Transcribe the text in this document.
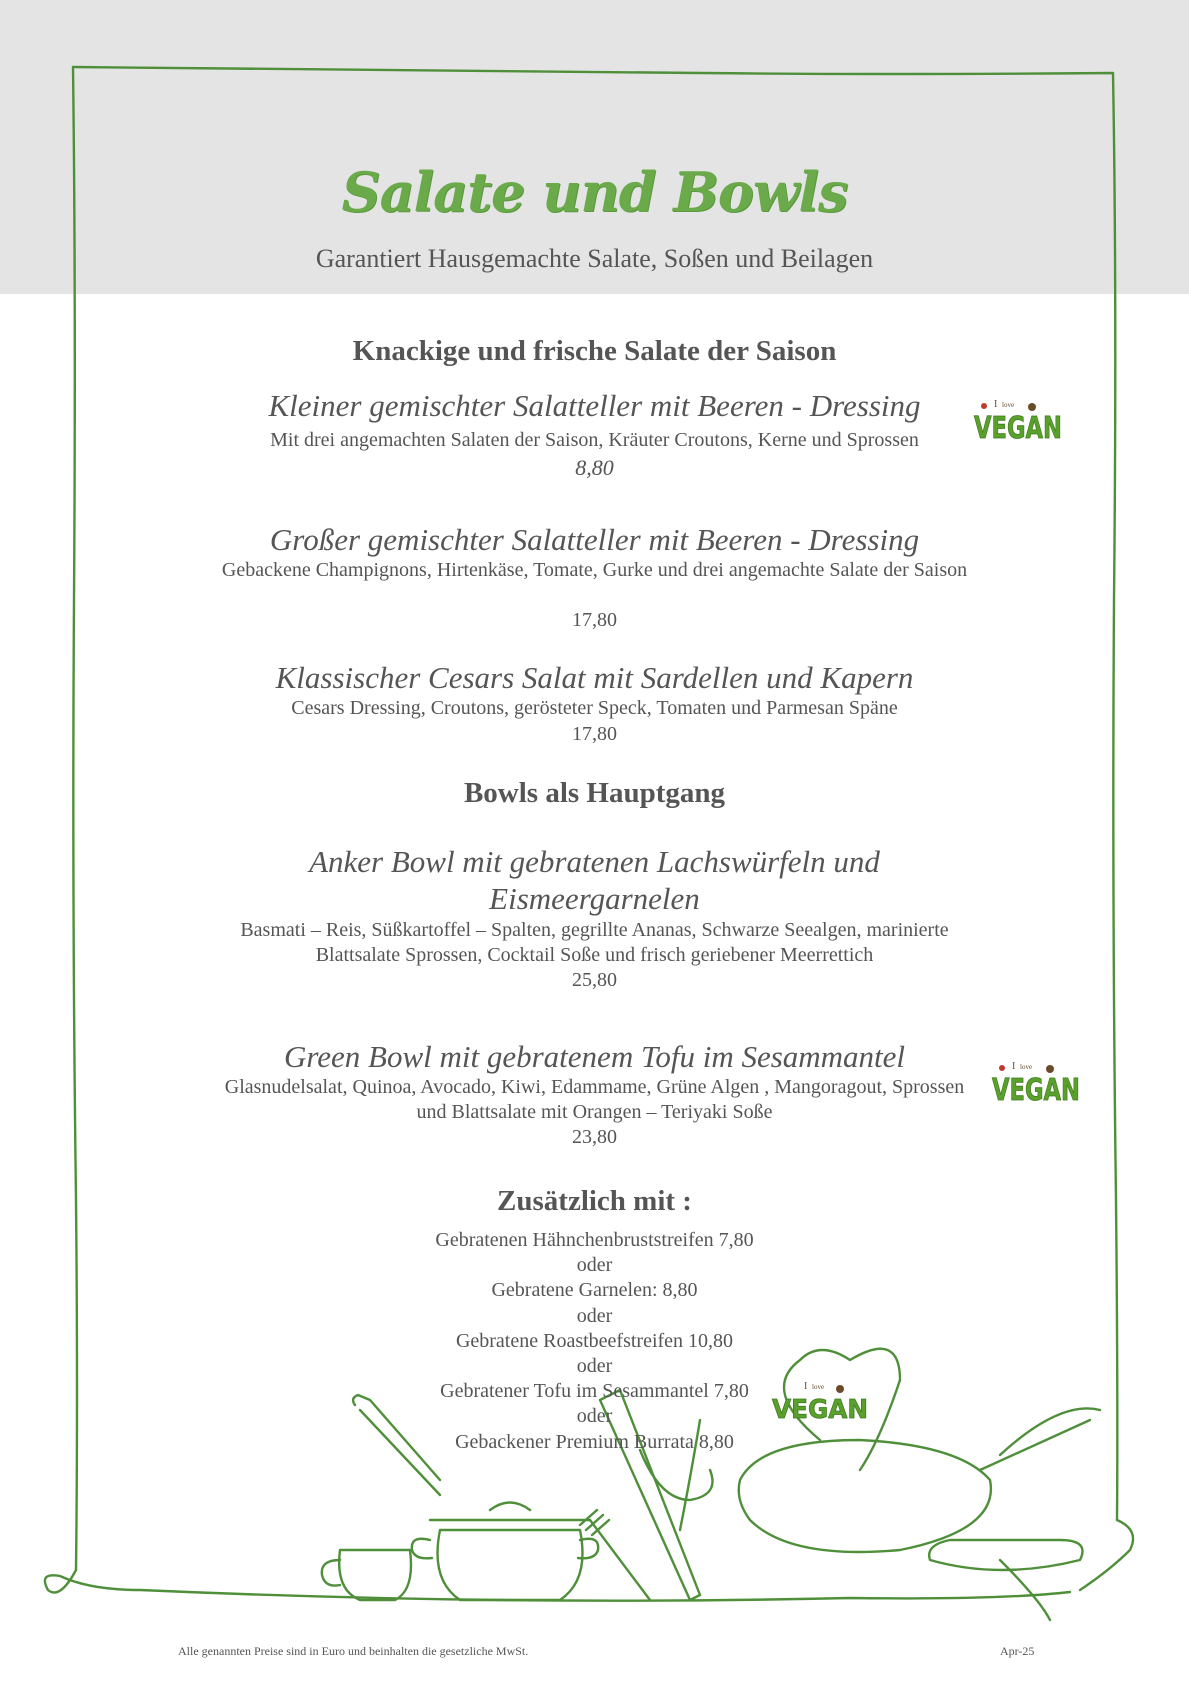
Salate und Bowls
Garantiert Hausgemachte Salate, Soßen und Beilagen
Knackige und frische Salate der Saison
Kleiner gemischter Salatteller mit Beeren - Dressing
Mit drei angemachten Salaten der Saison, Kräuter Croutons, Kerne und Sprossen
8,80
Großer gemischter Salatteller mit Beeren - Dressing
Gebackene Champignons, Hirtenkäse, Tomate, Gurke und drei angemachte Salate der Saison
17,80
Klassischer Cesars Salat mit Sardellen und Kapern
Cesars Dressing, Croutons, gerösteter Speck, Tomaten und Parmesan Späne
17,80
Bowls als Hauptgang
Anker Bowl mit gebratenen Lachswürfeln und
Eismeergarnelen
Basmati – Reis, Süßkartoffel – Spalten, gegrillte Ananas, Schwarze Seealgen, marinierte Blattsalate Sprossen, Cocktail Soße und frisch geriebener Meerrettich
25,80
Green Bowl mit gebratenem Tofu im Sesammantel
Glasnudelsalat, Quinoa, Avocado, Kiwi, Edammame, Grüne Algen , Mangoragout, Sprossen und Blattsalate mit Orangen – Teriyaki Soße
23,80
Zusätzlich mit :
Gebratenen Hähnchenbruststreifen 7,80
oder
Gebratene Garnelen: 8,80
oder
Gebratene Roastbeefstreifen 10,80
oder
Gebratener Tofu im Sesammantel 7,80
oder
Gebackener Premium Burrata 8,80
I love
VEGAN
I love
VEGAN
I love
VEGAN
Alle genannten Preise sind in Euro und beinhalten die gesetzliche MwSt.	Apr-25
